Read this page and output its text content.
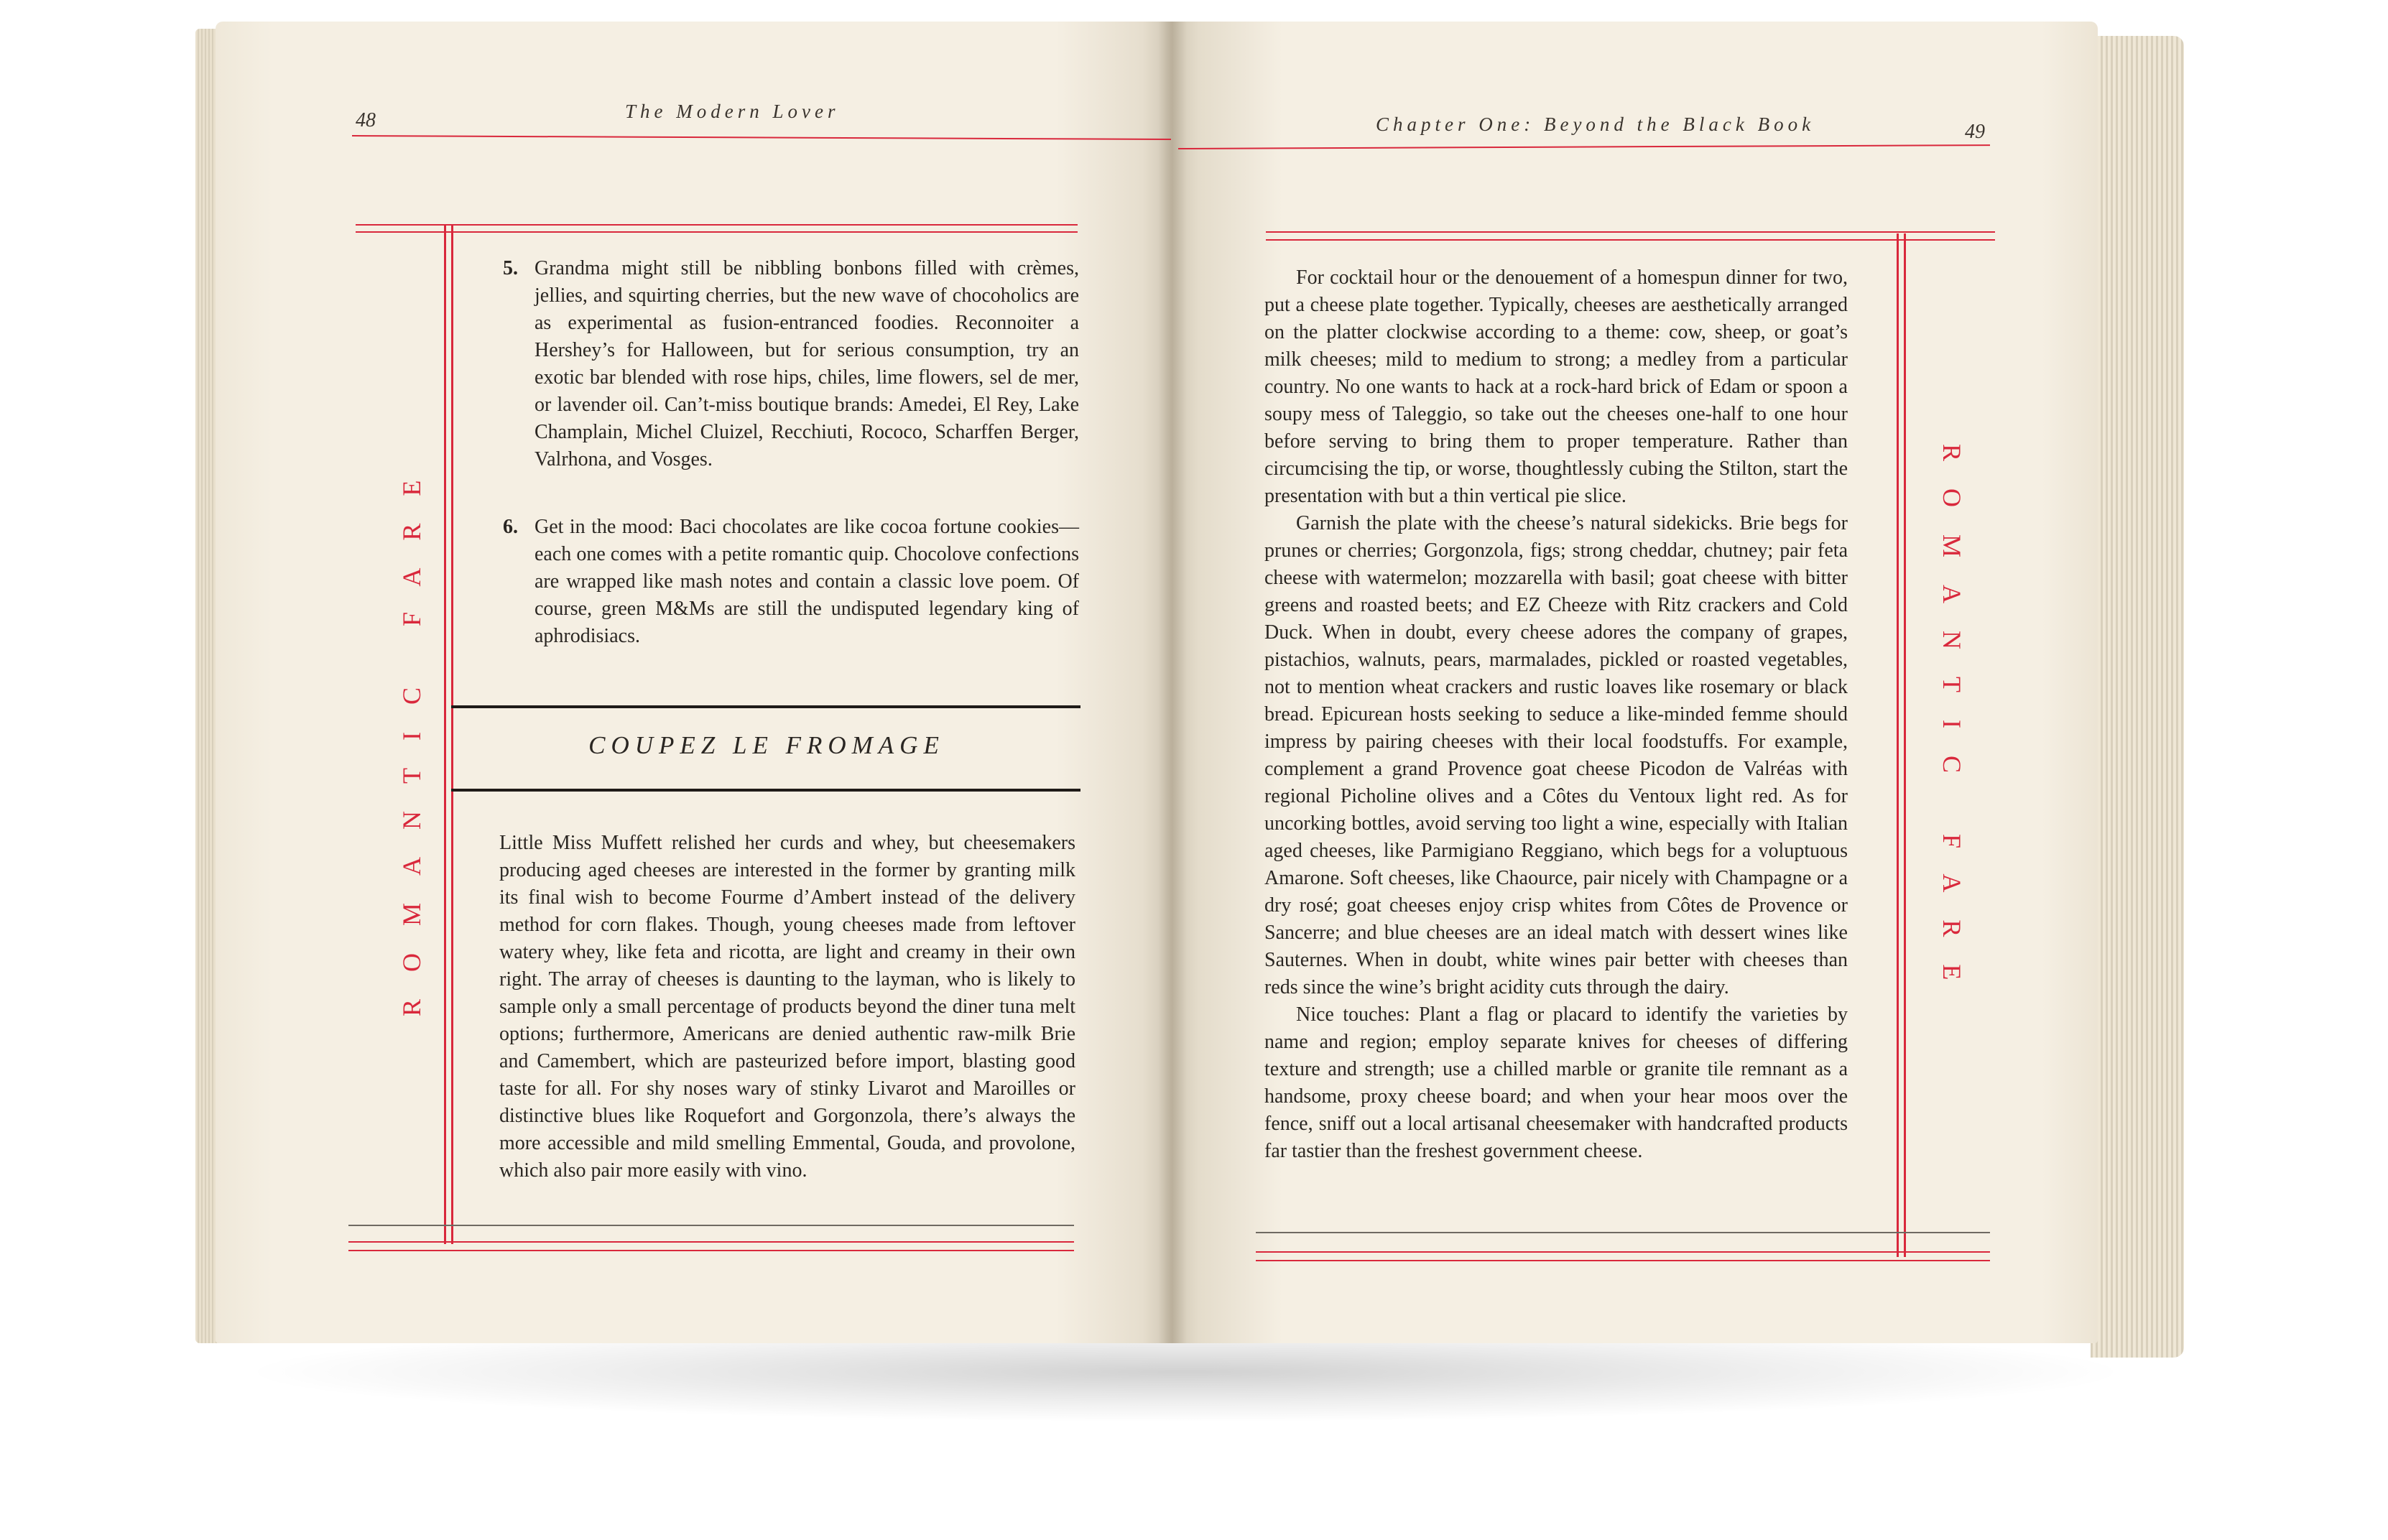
48	The Modern Lover
Chapter One: Beyond the Black Book	49
ROMANTIC FARE
5. Grandma might still be nibbling bonbons filled with crèmes, jellies, and squirting cherries, but the new wave of chocoholics are as experimental as fusion-entranced foodies. Reconnoiter a Hershey’s for Halloween, but for serious consumption, try an exotic bar blended with rose hips, chiles, lime flowers, sel de mer, or lavender oil. Can’t-miss boutique brands: Amedei, El Rey, Lake Champlain, Michel Cluizel, Recchiuti, Rococo, Scharffen Berger, Valrhona, and Vosges.
6. Get in the mood: Baci chocolates are like cocoa fortune cookies—each one comes with a petite romantic quip. Chocolove confections are wrapped like mash notes and contain a classic love poem. Of course, green M&Ms are still the undisputed legendary king of aphrodisiacs.
COUPEZ LE FROMAGE

Little Miss Muffett relished her curds and whey, but cheesemakers producing aged cheeses are interested in the former by granting milk its final wish to become Fourme d’Ambert instead of the delivery method for corn flakes. Though, young cheeses made from leftover watery whey, like feta and ricotta, are light and creamy in their own right. The array of cheeses is daunting to the layman, who is likely to sample only a small percentage of products beyond the diner tuna melt options; furthermore, Americans are denied authentic raw-milk Brie and Camembert, which are pasteurized before import, blasting good taste for all. For shy noses wary of stinky Livarot and Maroilles or distinctive blues like Roquefort and Gorgonzola, there’s always the more accessible and mild smelling Emmental, Gouda, and provolone, which also pair more easily with vino.

ROMANTIC FARE

For cocktail hour or the denouement of a homespun dinner for two, put a cheese plate together. Typically, cheeses are aesthetically arranged on the platter clockwise according to a theme: cow, sheep, or goat’s milk cheeses; mild to medium to strong; a medley from a particular country. No one wants to hack at a rock-hard brick of Edam or spoon a soupy mess of Taleggio, so take out the cheeses one-half to one hour before serving to bring them to proper temperature. Rather than circumcising the tip, or worse, thoughtlessly cubing the Stilton, start the presentation with but a thin vertical pie slice.

Garnish the plate with the cheese’s natural sidekicks. Brie begs for prunes or cherries; Gorgonzola, figs; strong cheddar, chutney; pair feta cheese with watermelon; mozzarella with basil; goat cheese with bitter greens and roasted beets; and EZ Cheeze with Ritz crackers and Cold Duck. When in doubt, every cheese adores the company of grapes, pistachios, walnuts, pears, marmalades, pickled or roasted vegetables, not to mention wheat crackers and rustic loaves like rosemary or black bread. Epicurean hosts seeking to seduce a like-minded femme should impress by pairing cheeses with their local foodstuffs. For example, complement a grand Provence goat cheese Picodon de Valréas with regional Picholine olives and a Côtes du Ventoux light red. As for uncorking bottles, avoid serving too light a wine, especially with Italian aged cheeses, like Parmigiano Reggiano, which begs for a voluptuous Amarone. Soft cheeses, like Chaource, pair nicely with Champagne or a dry rosé; goat cheeses enjoy crisp whites from Côtes de Provence or Sancerre; and blue cheeses are an ideal match with dessert wines like Sauternes. When in doubt, white wines pair better with cheeses than reds since the wine’s bright acidity cuts through the dairy.

Nice touches: Plant a flag or placard to identify the varieties by name and region; employ separate knives for cheeses of differing texture and strength; use a chilled marble or granite tile remnant as a handsome, proxy cheese board; and when your hear moos over the fence, sniff out a local artisanal cheesemaker with handcrafted products far tastier than the freshest government cheese.
